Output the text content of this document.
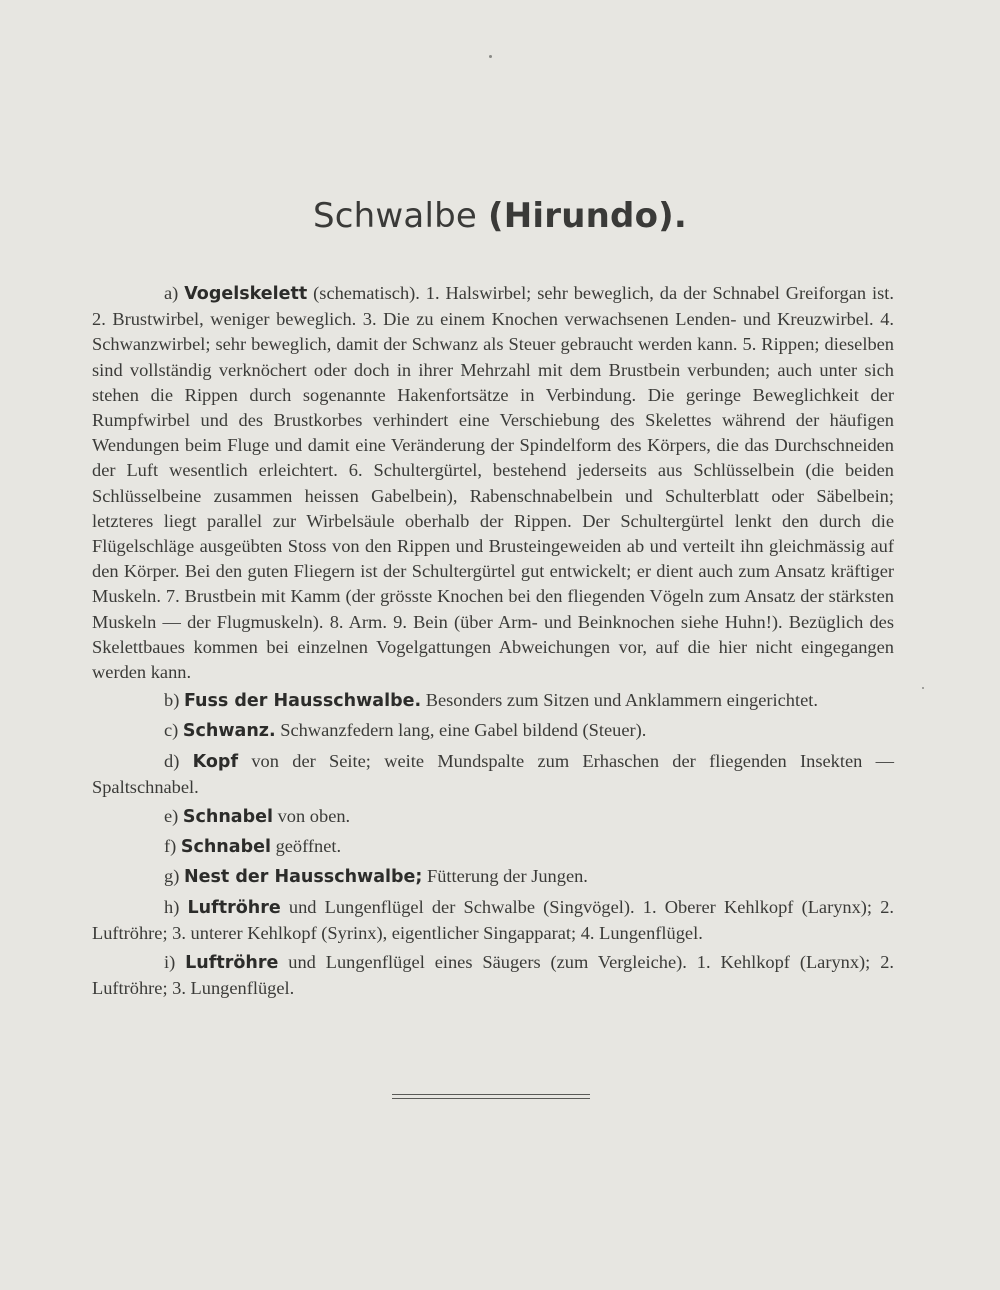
Schwalbe (Hirundo).

a) Vogelskelett (schematisch). 1. Halswirbel; sehr beweglich, da der Schnabel Greiforgan ist. 2. Brustwirbel, weniger beweglich. 3. Die zu einem Knochen verwachsenen Lenden- und Kreuzwirbel. 4. Schwanzwirbel; sehr beweglich, damit der Schwanz als Steuer gebraucht werden kann. 5. Rippen; dieselben sind vollständig verknöchert oder doch in ihrer Mehrzahl mit dem Brustbein verbunden; auch unter sich stehen die Rippen durch sogenannte Hakenfortsätze in Verbindung. Die geringe Beweglichkeit der Rumpfwirbel und des Brustkorbes verhindert eine Verschiebung des Skelettes während der häufigen Wendungen beim Fluge und damit eine Veränderung der Spindelform des Körpers, die das Durchschneiden der Luft wesentlich erleichtert. 6. Schultergürtel, bestehend jederseits aus Schlüsselbein (die beiden Schlüsselbeine zusammen heissen Gabelbein), Rabenschnabelbein und Schulterblatt oder Säbelbein; letzteres liegt parallel zur Wirbelsäule oberhalb der Rippen. Der Schultergürtel lenkt den durch die Flügelschläge ausgeübten Stoss von den Rippen und Brusteingeweiden ab und verteilt ihn gleichmässig auf den Körper. Bei den guten Fliegern ist der Schultergürtel gut entwickelt; er dient auch zum Ansatz kräftiger Muskeln. 7. Brustbein mit Kamm (der grösste Knochen bei den fliegenden Vögeln zum Ansatz der stärksten Muskeln — der Flugmuskeln). 8. Arm. 9. Bein (über Arm- und Beinknochen siehe Huhn!). Bezüglich des Skelettbaues kommen bei einzelnen Vogelgattungen Abweichungen vor, auf die hier nicht eingegangen werden kann.

b) Fuss der Hausschwalbe. Besonders zum Sitzen und Anklammern eingerichtet.

c) Schwanz. Schwanzfedern lang, eine Gabel bildend (Steuer).

d) Kopf von der Seite; weite Mundspalte zum Erhaschen der fliegenden Insekten — Spaltschnabel.

e) Schnabel von oben.

f) Schnabel geöffnet.

g) Nest der Hausschwalbe; Fütterung der Jungen.

h) Luftröhre und Lungenflügel der Schwalbe (Singvögel). 1. Oberer Kehlkopf (Larynx); 2. Luftröhre; 3. unterer Kehlkopf (Syrinx), eigentlicher Singapparat; 4. Lungenflügel.

i) Luftröhre und Lungenflügel eines Säugers (zum Vergleiche). 1. Kehlkopf (Larynx); 2. Luftröhre; 3. Lungenflügel.
